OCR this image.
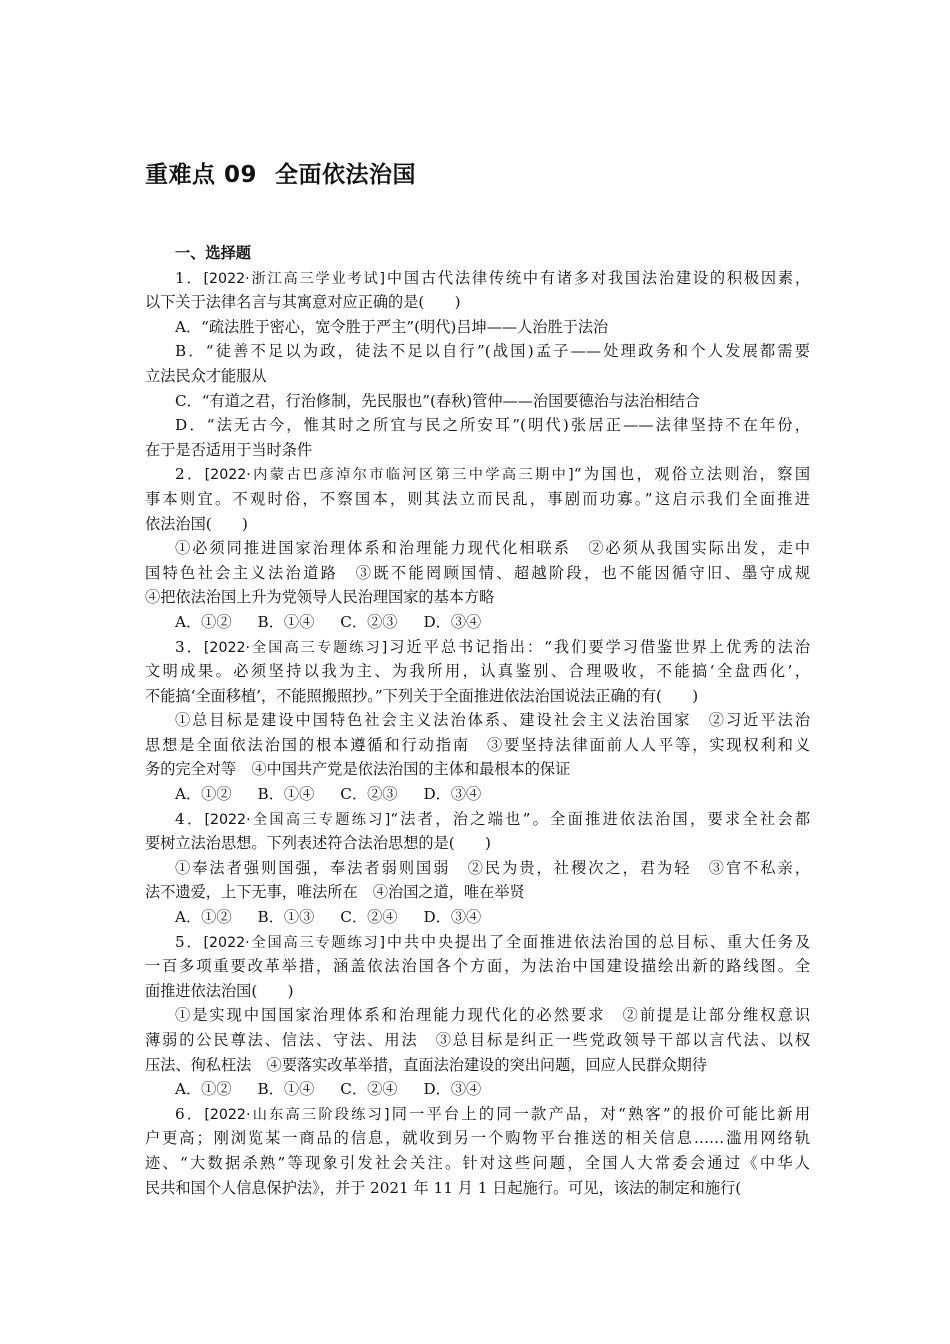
重难点 09 全面依法治国
一、选择题
1．[2022·浙江高三学业考试]中国古代法律传统中有诸多对我国法治建设的积极因素，
以下关于法律名言与其寓意对应正确的是(　　)
A．“疏法胜于密心，宽令胜于严主”(明代)吕坤——人治胜于法治
B．“徒善不足以为政，徒法不足以自行”(战国)孟子——处理政务和个人发展都需要
立法民众才能服从
C．“有道之君，行治修制，先民服也”(春秋)管仲——治国要德治与法治相结合
D．“法无古今，惟其时之所宜与民之所安耳”(明代)张居正——法律坚持不在年份，
在于是否适用于当时条件
2．[2022·内蒙古巴彦淖尔市临河区第三中学高三期中]“为国也，观俗立法则治，察国
事本则宜。不观时俗，不察国本，则其法立而民乱，事剧而功寡。”这启示我们全面推进
依法治国(　　)
①必须同推进国家治理体系和治理能力现代化相联系　②必须从我国实际出发，走中
国特色社会主义法治道路　③既不能罔顾国情、超越阶段，也不能因循守旧、墨守成规
④把依法治国上升为党领导人民治理国家的基本方略
A．①② B．①④ C．②③ D．③④
3．[2022·全国高三专题练习]习近平总书记指出：“我们要学习借鉴世界上优秀的法治
文明成果。必须坚持以我为主、为我所用，认真鉴别、合理吸收，不能搞‘全盘西化’，
不能搞‘全面移植’，不能照搬照抄。”下列关于全面推进依法治国说法正确的有(　　)
①总目标是建设中国特色社会主义法治体系、建设社会主义法治国家　②习近平法治
思想是全面依法治国的根本遵循和行动指南　③要坚持法律面前人人平等，实现权利和义
务的完全对等　④中国共产党是依法治国的主体和最根本的保证
A．①② B．①④ C．②③ D．③④
4．[2022·全国高三专题练习]“法者，治之端也”。全面推进依法治国，要求全社会都
要树立法治思想。下列表述符合法治思想的是(　　)
①奉法者强则国强，奉法者弱则国弱　②民为贵，社稷次之，君为轻　③官不私亲，
法不遗爱，上下无事，唯法所在　④治国之道，唯在举贤
A．①② B．①③ C．②④ D．③④
5．[2022·全国高三专题练习]中共中央提出了全面推进依法治国的总目标、重大任务及
一百多项重要改革举措，涵盖依法治国各个方面，为法治中国建设描绘出新的路线图。全
面推进依法治国(　　)
①是实现中国国家治理体系和治理能力现代化的必然要求　②前提是让部分维权意识
薄弱的公民尊法、信法、守法、用法　③总目标是纠正一些党政领导干部以言代法、以权
压法、徇私枉法　④要落实改革举措，直面法治建设的突出问题，回应人民群众期待
A．①② B．①④ C．②④ D．③④
6．[2022·山东高三阶段练习]同一平台上的同一款产品，对“熟客”的报价可能比新用
户更高；刚浏览某一商品的信息，就收到另一个购物平台推送的相关信息……滥用网络轨
迹、“大数据杀熟”等现象引发社会关注。针对这些问题，全国人大常委会通过《中华人
民共和国个人信息保护法》，并于 2021 年 11 月 1 日起施行。可见，该法的制定和施行(
